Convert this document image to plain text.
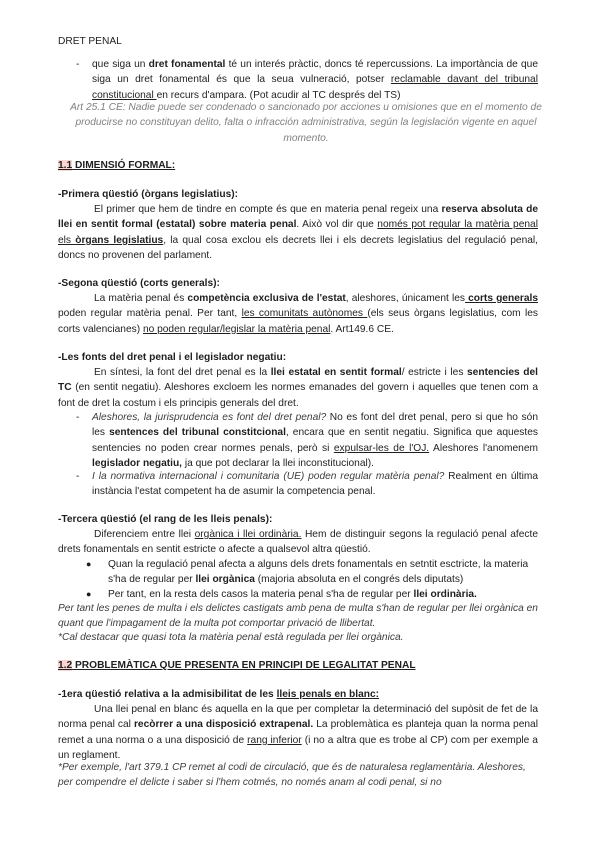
DRET PENAL

- que siga un dret fonamental té un interés pràctic, doncs té repercussions. La importància de que siga un dret fonamental és que la seua vulneració, potser reclamable davant del tribunal constitucional en recurs d'ampara. (Pot acudir al TC després del TS)

Art 25.1 CE: Nadie puede ser condenado o sancionado por acciones u omisiones que en el momento de producirse no constituyan delito, falta o infracción administrativa, según la legislación vigente en aquel momento.

1.1 DIMENSIÓ FORMAL:

-Primera qüestió (òrgans legislatius):

El primer que hem de tindre en compte és que en materia penal regeix una reserva absoluta de llei en sentit formal (estatal) sobre materia penal. Això vol dir que només pot regular la matèria penal els òrgans legislatius, la qual cosa exclou els decrets llei i els decrets legislatius del regulació penal, doncs no provenen del parlament.

-Segona qüestió (corts generals):

La matèria penal és competència exclusiva de l'estat, aleshores, únicament les corts generals poden regular matèria penal. Per tant, les comunitats autònomes (els seus òrgans legislatius, com les corts valencianes) no poden regular/legislar la matèria penal. Art149.6 CE.

-Les fonts del dret penal i el legislador negatiu:

En síntesi, la font del dret penal es la llei estatal en sentit formal/ estricte i les sentencies del TC (en sentit negatiu). Aleshores excloem les normes emanades del govern i aquelles que tenen com a font de dret la costum i els principis generals del dret.

- Aleshores, la jurisprudencia es font del dret penal? No es font del dret penal, pero si que ho són les sentences del tribunal constitcional, encara que en sentit negatiu. Significa que aquestes sentencies no poden crear normes penals, però si expulsar-les de l'OJ. Aleshores l'anomenem legislador negatiu, ja que pot declarar la llei inconstitucional).

- I la normativa internacional i comunitaria (UE) poden regular matèria penal? Realment en última instància l'estat competent ha de asumir la competencia penal.

-Tercera qüestió (el rang de les lleis penals):

Diferenciem entre llei orgànica i llei ordinària. Hem de distinguir segons la regulació penal afecte drets fonamentals en sentit estricte o afecte a qualsevol altra qüestió.

● Quan la regulació penal afecta a alguns dels drets fonamentals en setntit esctricte, la materia s'ha de regular per llei orgànica (majoria absoluta en el congrés dels diputats)

● Per tant, en la resta dels casos la materia penal s'ha de regular per llei ordinària.

Per tant les penes de multa i els delictes castigats amb pena de multa s'han de regular per llei orgànica en quant que l'impagament de la multa pot comportar privació de llibertat.

*Cal destacar que quasi tota la matèria penal està regulada per llei orgànica.

1.2 PROBLEMÀTICA QUE PRESENTA EN PRINCIPI DE LEGALITAT PENAL

-1era qüestió relativa a la admisibilitat de les lleis penals en blanc:

Una llei penal en blanc és aquella en la que per completar la determinació del supòsit de fet de la norma penal cal recòrrer a una disposició extrapenal. La problemàtica es planteja quan la norma penal remet a una norma o a una disposició de rang inferior (i no a altra que es trobe al CP) com per exemple a un reglament.

*Per exemple, l'art 379.1 CP remet al codi de circulació, que és de naturalesa reglamentària. Aleshores, per compendre el delicte i saber si l'hem cotmés, no només anam al codi penal, si no
